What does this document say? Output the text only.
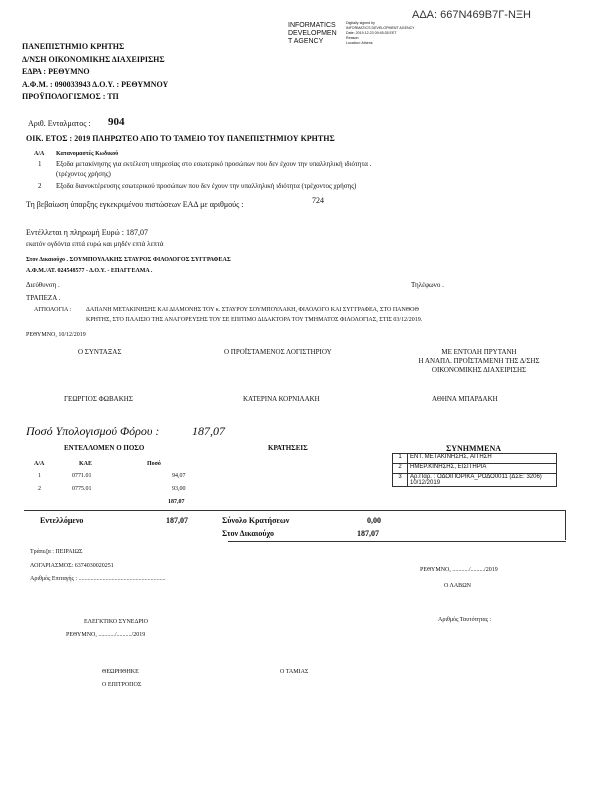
ΑΔΑ: 667Ν469Β7Γ-ΝΞΗ
INFORMATICS
DEVELOPMEN
T AGENCY
Digitally signed by
INFORMATICS DEVELOPMENT AGENCY
Date: 2019.12.23 09:45:35 EET
Reason:
Location: Athens
ΠΑΝΕΠΙΣΤΗΜΙΟ ΚΡΗΤΗΣ
Δ/ΝΣΗ ΟΙΚΟΝΟΜΙΚΗΣ ΔΙΑΧΕΙΡΙΣΗΣ
ΕΔΡΑ : ΡΕΘΥΜΝΟ
Α.Φ.Μ. : 090033943 Δ.Ο.Υ. : ΡΕΘΥΜΝΟΥ
ΠΡΟΫΠΟΛΟΓΙΣΜΟΣ : ΤΠ
Αριθ. Ενταλματος : 904
ΟΙΚ. ΕΤΟΣ : 2019 ΠΛΗΡΩΤΕΟ ΑΠΟ ΤΟ ΤΑΜΕΙΟ ΤΟΥ ΠΑΝΕΠΙΣΤΗΜΙΟΥ ΚΡΗΤΗΣ
Α/Α Κατανομαστές Κωδικού
1 Εξοδα μετακίνησης για εκτέλεση υπηρεσίας στο εσωτερικό προσώπων που δεν έχουν την υπαλληλική ιδιότητα .
(τρέχοντος χρήσης)
2 Εξοδα διανυκτέρευσης εσωτερικού προσώπων που δεν έχουν την υπαλληλική ιδιότητα (τρέχοντος χρήσης)
Τη βεβαίωση ύπαρξης εγκεκριμένου πιστώσεων ΕΑΔ με αριθμούς :	724
Εντέλλεται η πληρωμή Ευρώ : 187,07
εκατόν ογδόντα επτά ευρώ και μηδέν επτά λεπτά
Στον Δικαιούχο . ΣΟΥΜΠΟΥΛΑΚΗΣ ΣΤΑΥΡΟΣ ΦΙΛΟΛΟΓΟΣ ΣΥΓΓΡΑΦΕΑΣ
Α.Φ.Μ./ΑΤ. 024548577 - Δ.Ο.Υ. - ΕΠΑΓΓΕΛΜΑ .
Διεύθυνση .	Τηλέφωνο .
ΤΡΑΠΕΖΑ .
ΑΙΤΙΟΛΟΓΙΑ : ΔΑΠΑΝΗ ΜΕΤΑΚΙΝΗΣΗΣ ΚΑΙ ΔΙΑΜΟΝΗΣ ΤΟΥ κ. ΣΤΑΥΡΟΥ ΣΟΥΜΠΟΥΛΑΚΗ, ΦΙΛΟΛΟΓΟ ΚΑΙ ΣΥΓΓΡΑΦΕΑ, ΣΤΟ ΠΑΝΘΟΘ
ΚΡΗΤΗΣ, ΣΤΟ ΠΛΑΙΣΙΟ ΤΗΣ ΑΝΑΓΟΡΕΥΣΗΣ ΤΟΥ ΣΕ ΕΠΙΤΙΜΟ ΔΙΔΑΚΤΟΡΑ ΤΟΥ ΤΜΗΜΑΤΟΣ ΦΙΛΟΛΟΓΙΑΣ, ΣΤΙΣ 03/12/2019.
ΡΕΘΥΜΝΟ, 10/12/2019
Ο ΣΥΝΤΑΞΑΣ	Ο ΠΡΟΪΣΤΑΜΕΝΟΣ ΛΟΓΙΣΤΗΡΙΟΥ	ΜΕ ΕΝΤΟΛΗ ΠΡΥΤΑΝΗ
Η ΑΝΑΠΛ. ΠΡΟΪΣΤΑΜΕΝΗ ΤΗΣ Δ/ΣΗΣ
ΟΙΚΟΝΟΜΙΚΗΣ ΔΙΑΧΕΙΡΙΣΗΣ
ΓΕΩΡΓΙΟΣ ΦΩΒΑΚΗΣ	ΚΑΤΕΡΙΝΑ ΚΟΡΝΙΛΑΚΗ	ΑΘΗΝΑ ΜΠΑΡΔΑΚΗ
Ποσό Υπολογισμού Φόρου :	187,07
ΕΝΤΕΛΛΟΜΕΝ Ο ΠΟΣΟ	ΚΡΑΤΗΣΕΙΣ	ΣΥΝΗΜΜΕΝΑ
Α/Α	ΚΑΕ	Ποσό
1	0771.01	94,07
2	0775.01	93,00
187,07
1	ΕΝΤ. ΜΕΤΑΚΙΝΗΣΗΣ, ΑΙΤΗΣΗ
2	ΗΜΕΡ.ΚΙΝΗΣΗΣ, ΕΙΣΙΤΗΡΙΑ
3	Αρ.Παρ. : ΟΔΟΙΠΟΡΙΚΑ_ΡΟΔΟ0011 (ΔΣΕ: 3206) 10/12/2019
Εντελλόμενο	187,07	Σύνολο Κρατήσεων	0,00
Στον Δικαιούχο	187,07
Τράπεζα : ΠΕΙΡΑΙΩΣ
ΛΟΓΑΡΙΑΣΜΟΣ: 6374030020251
Αριθμός Επιταγής : ..........................................................
ΡΕΘΥΜΝΟ, .........../........./2019
Ο ΛΑΒΩΝ
ΕΛΕΓΚΤΙΚΟ ΣΥΝΕΔΡΙΟ
ΡΕΘΥΜΝΟ, .........../........../2019
Αριθμός Ταυτότητας :
ΘΕΩΡΗΘΗΚΕ
Ο ΕΠΙΤΡΟΠΟΣ
Ο ΤΑΜΙΑΣ
